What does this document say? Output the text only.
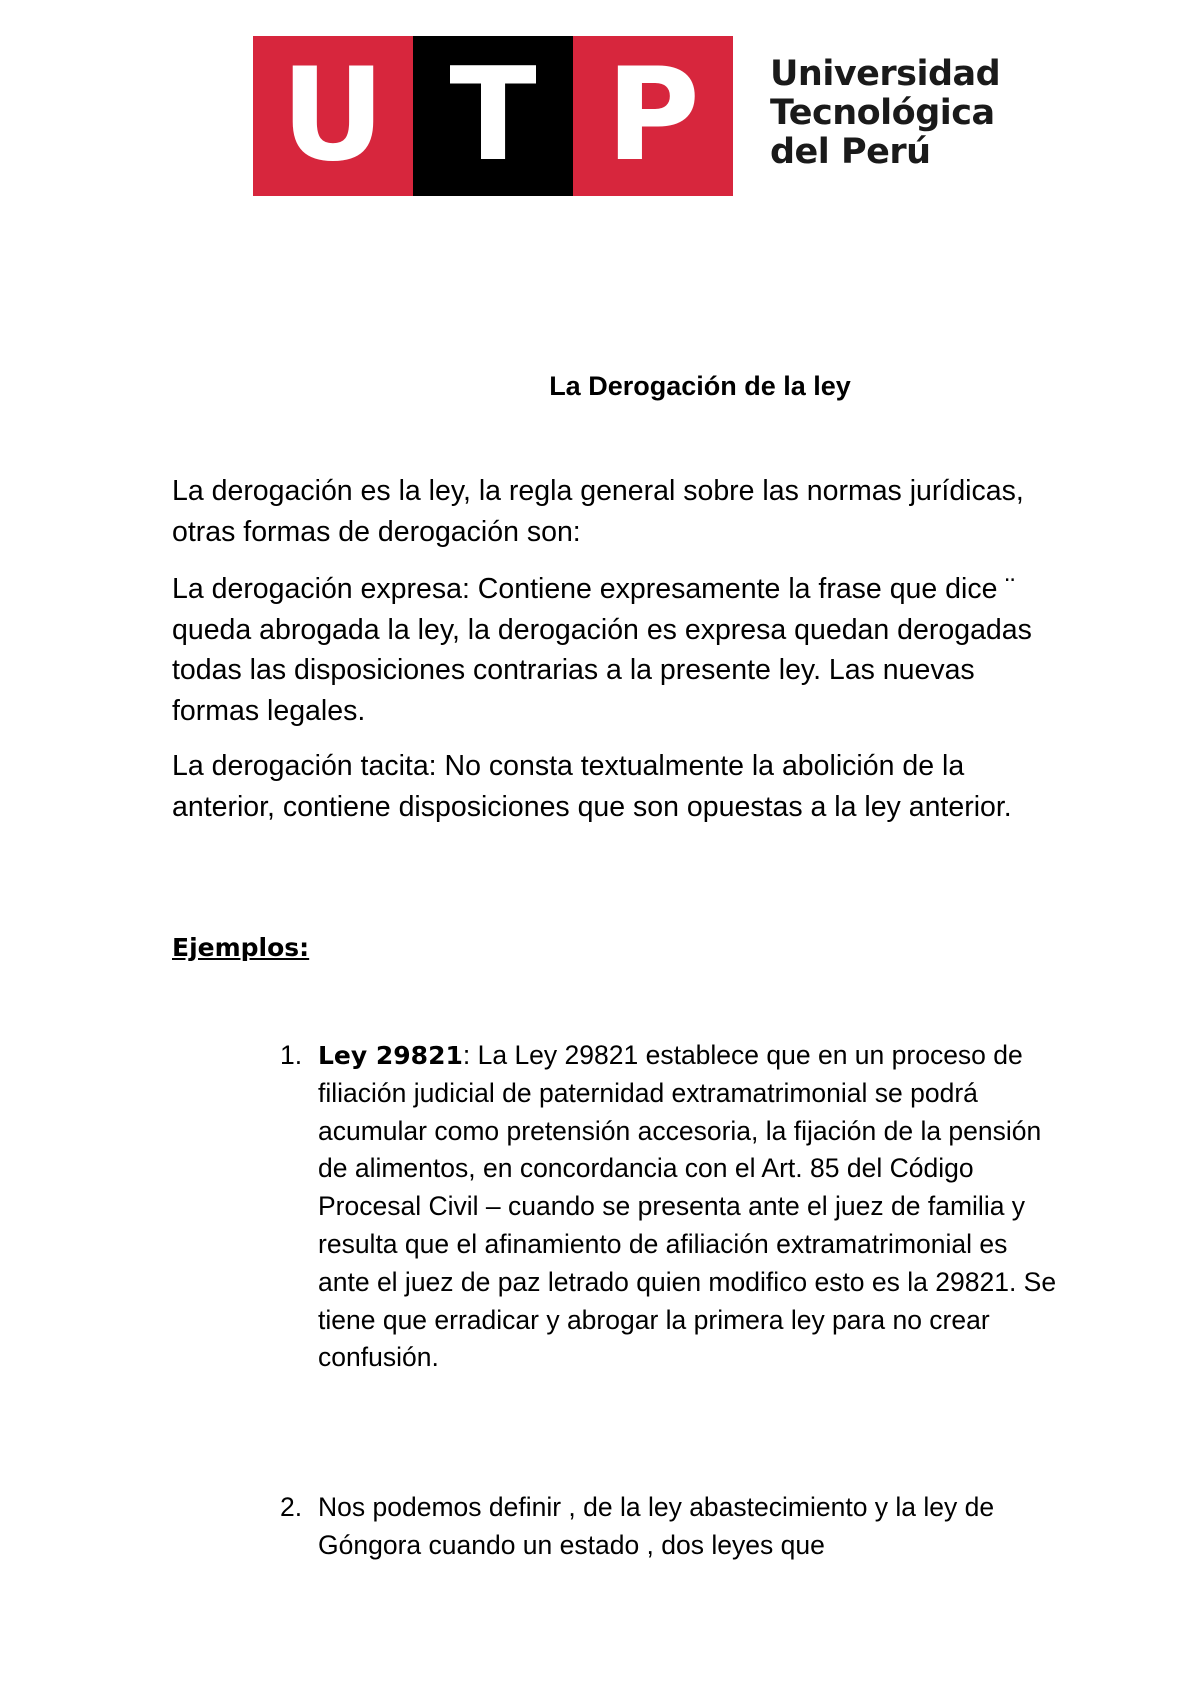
U T P	Universidad
Tecnológica
del Perú
La Derogación de la ley

La derogación es la ley, la regla general sobre las normas jurídicas, otras formas de derogación son:

La derogación expresa: Contiene expresamente la frase que dice ¨ queda abrogada la ley, la derogación es expresa quedan derogadas todas las disposiciones contrarias a la presente ley. Las nuevas formas legales.

La derogación tacita: No consta textualmente la abolición de la anterior, contiene disposiciones que son opuestas a la ley anterior.

Ejemplos:
1. Ley 29821: La Ley 29821 establece que en un proceso de filiación judicial de paternidad extramatrimonial se podrá acumular como pretensión accesoria, la fijación de la pensión de alimentos, en concordancia con el Art. 85 del Código Procesal Civil – cuando se presenta ante el juez de familia y resulta que el afinamiento de afiliación extramatrimonial es ante el juez de paz letrado quien modifico esto es la 29821. Se tiene que erradicar y abrogar la primera ley para no crear confusión.
2. Nos podemos definir , de la ley abastecimiento y la ley de Góngora cuando un estado , dos leyes que
